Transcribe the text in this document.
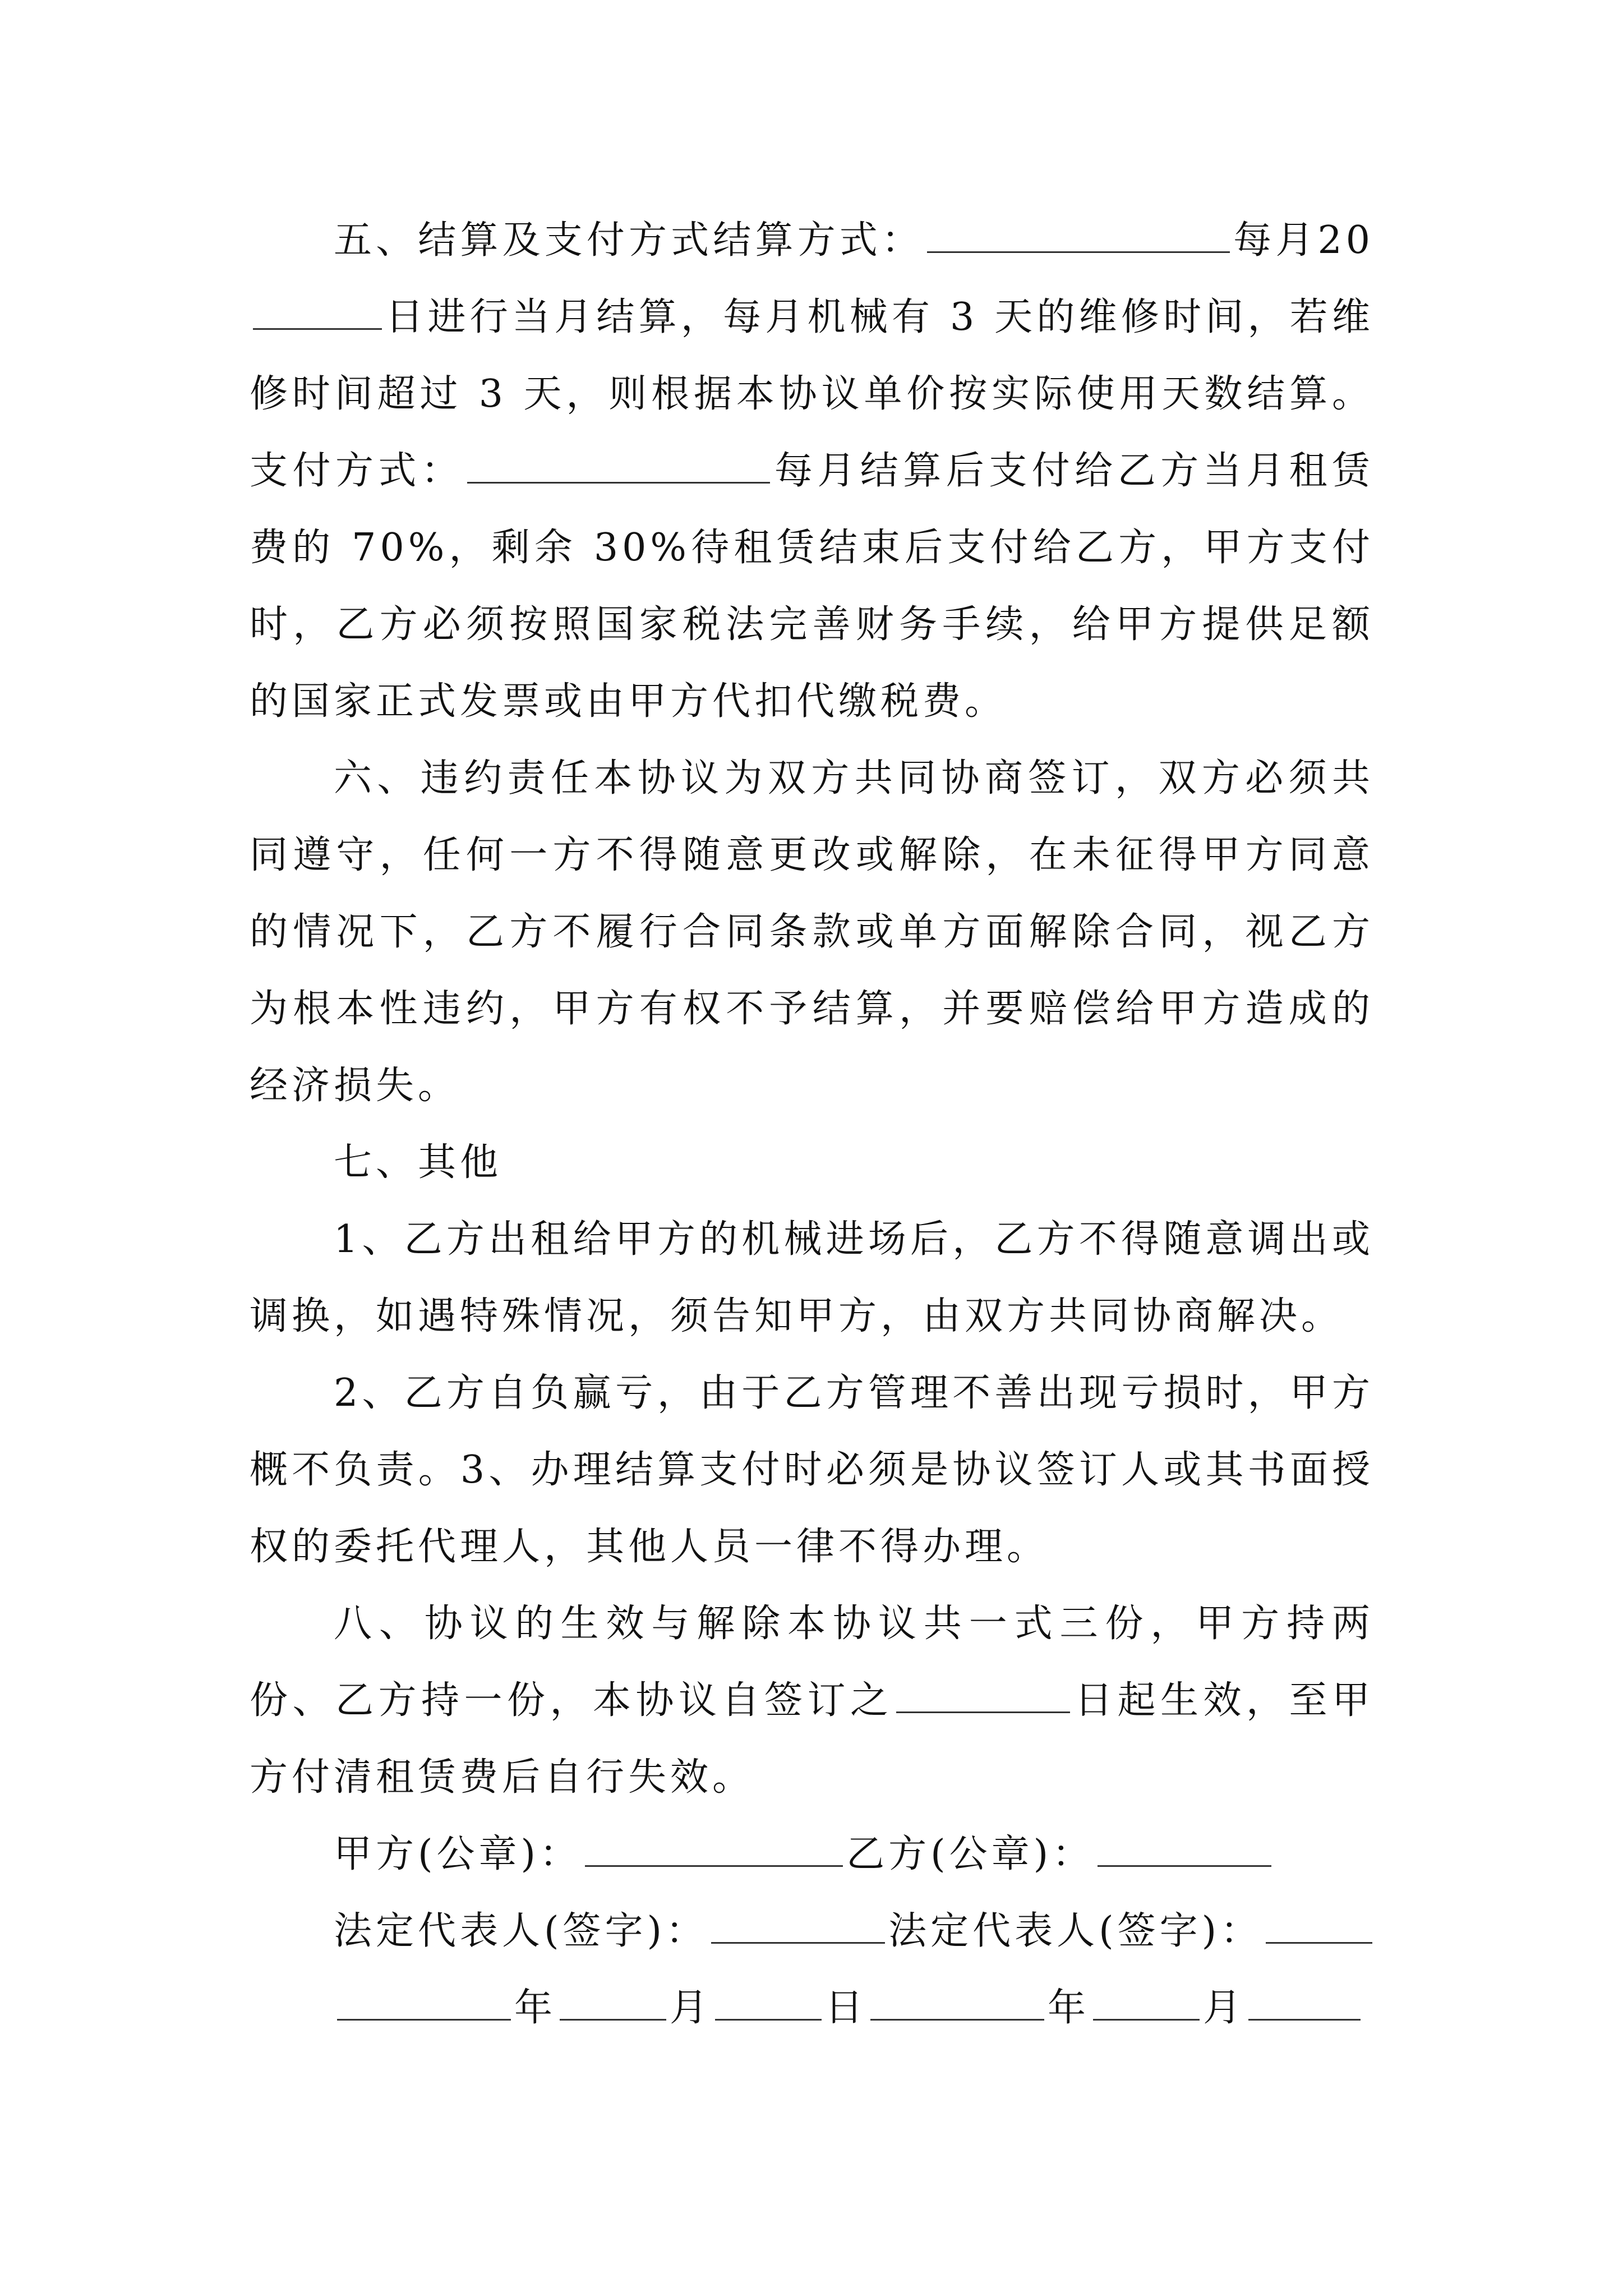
五、结算及支付方式结算方式：	每月20日进行当月结算，每月机械有 3 天的维修时间，若维修时间超过 3 天，则根据本协议单价按实际使用天数结算。支付方式：	每月结算后支付给乙方当月租赁费的 70%，剩余 30%待租赁结束后支付给乙方，甲方支付时，乙方必须按照国家税法完善财务手续，给甲方提供足额的国家正式发票或由甲方代扣代缴税费。

六、违约责任本协议为双方共同协商签订，双方必须共同遵守，任何一方不得随意更改或解除，在未征得甲方同意的情况下，乙方不履行合同条款或单方面解除合同，视乙方为根本性违约，甲方有权不予结算，并要赔偿给甲方造成的经济损失。

七、其他

1、乙方出租给甲方的机械进场后，乙方不得随意调出或调换，如遇特殊情况，须告知甲方，由双方共同协商解决。

2、乙方自负赢亏，由于乙方管理不善出现亏损时，甲方概不负责。3、办理结算支付时必须是协议签订人或其书面授权的委托代理人，其他人员一律不得办理。

八、协议的生效与解除本协议共一式三份，甲方持两份、乙方持一份，本协议自签订之	日起生效，至甲方付清租赁费后自行失效。

甲方(公章)：	乙方(公章)：
法定代表人(签字)：	法定代表人(签字)：
年	月	日	年	月
